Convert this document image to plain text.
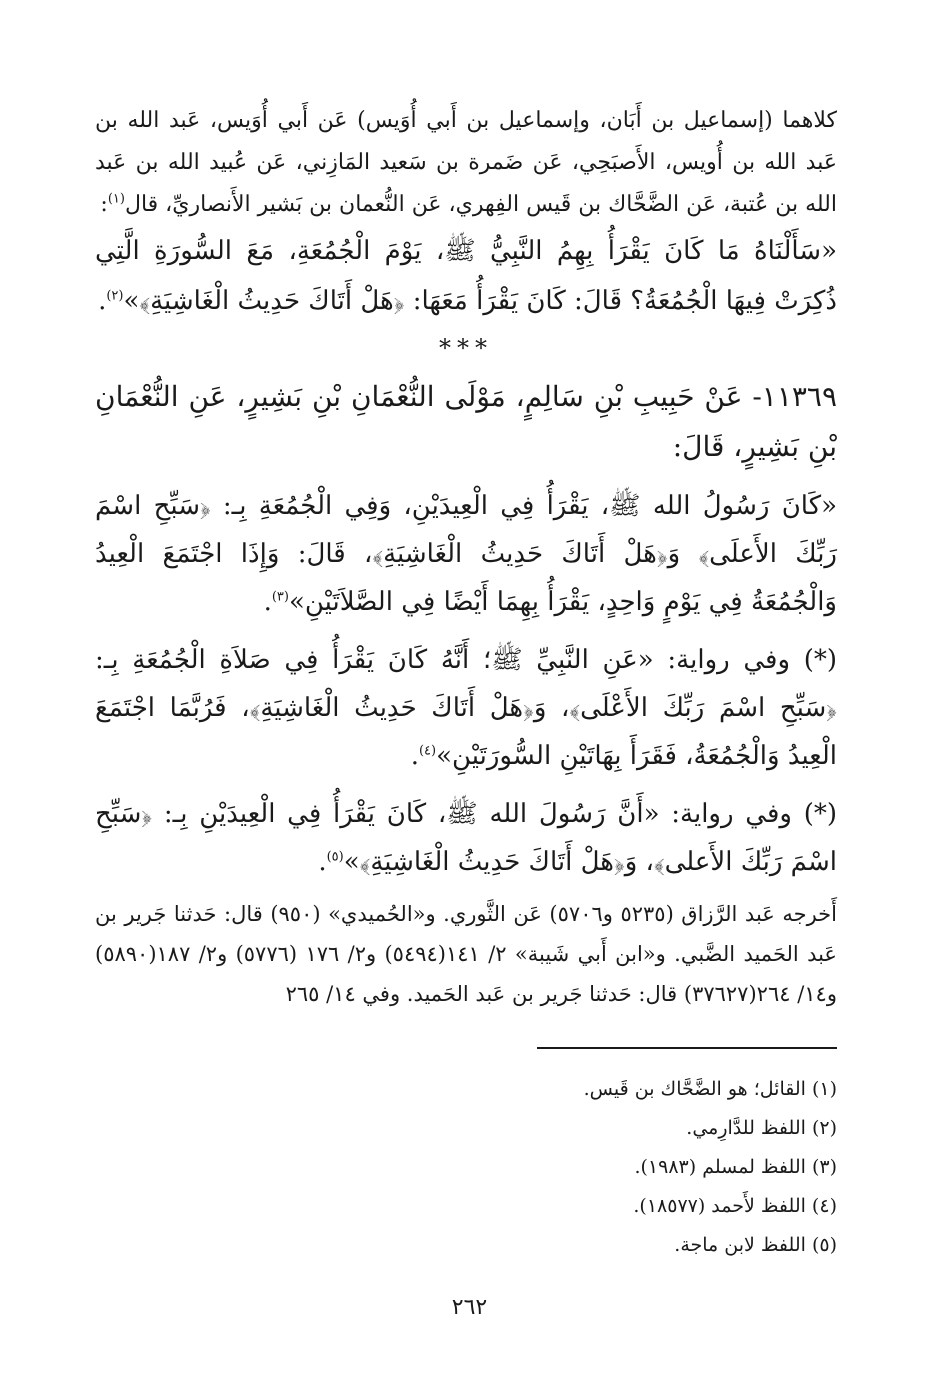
كلاهما (إسماعيل بن أَبَان، وإسماعيل بن أَبي أُوَيس) عَن أَبي أُوَيس، عَبد الله بن عَبد الله بن أُويس، الأَصبَحِي، عَن ضَمرة بن سَعيد المَازِني، عَن عُبيد الله بن عَبد الله بن عُتبة، عَن الضَّحَّاك بن قَيس الفِهري، عَن النُّعمان بن بَشير الأَنصاريِّ، قال$^{(١)}$:

«سَأَلْنَاهُ مَا كَانَ يَقْرَأُ بِهِمُ النَّبِيُّ ﷺ، يَوْمَ الْجُمُعَةِ، مَعَ السُّورَةِ الَّتِي ذُكِرَتْ فِيهَا الْجُمُعَةُ؟ قَالَ: كَانَ يَقْرَأُ مَعَهَا: ﴿هَلْ أَتَاكَ حَدِيثُ الْغَاشِيَةِ﴾»$^{(٢)}$.

***

١١٣٦٩- عَنْ حَبِيبِ بْنِ سَالِمٍ، مَوْلَى النُّعْمَانِ بْنِ بَشِيرٍ، عَنِ النُّعْمَانِ بْنِ بَشِيرٍ، قَالَ:

«كَانَ رَسُولُ الله ﷺ، يَقْرَأُ فِي الْعِيدَيْنِ، وَفِي الْجُمُعَةِ بِـ: ﴿سَبِّحِ اسْمَ رَبِّكَ الأَعلَى﴾ وَ﴿هَلْ أَتَاكَ حَدِيثُ الْغَاشِيَةِ﴾، قَالَ: وَإِذَا اجْتَمَعَ الْعِيدُ وَالْجُمُعَةُ فِي يَوْمٍ وَاحِدٍ، يَقْرَأُ بِهِمَا أَيْضًا فِي الصَّلاَتَيْنِ»$^{(٣)}$.

(*) وفي رواية: «عَنِ النَّبِيِّ ﷺ؛ أَنَّهُ كَانَ يَقْرَأُ فِي صَلاَةِ الْجُمُعَةِ بِـ: ﴿سَبِّحِ اسْمَ رَبِّكَ الأَعْلَى﴾، وَ﴿هَلْ أَتَاكَ حَدِيثُ الْغَاشِيَةِ﴾، فَرُبَّمَا اجْتَمَعَ الْعِيدُ وَالْجُمُعَةُ، فَقَرَأَ بِهَاتَيْنِ السُّورَتَيْنِ»$^{(٤)}$.

(*) وفي رواية: «أَنَّ رَسُولَ الله ﷺ، كَانَ يَقْرَأُ فِي الْعِيدَيْنِ بِـ: ﴿سَبِّحِ اسْمَ رَبِّكَ الأَعلى﴾، وَ﴿هَلْ أَتَاكَ حَدِيثُ الْغَاشِيَةِ﴾»$^{(٥)}$.

أَخرجه عَبد الرَّزاق (٥٢٣٥ و٥٧٠٦) عَن الثَّوري. و«الحُميدي» (٩٥٠) قال: حَدثنا جَرير بن عَبد الحَميد الضَّبي. و«ابن أَبي شَيبة» ٢/ ١٤١(٥٤٩٤) و٢/ ١٧٦ (٥٧٧٦) و٢/ ١٨٧(٥٨٩٠) و١٤/ ٢٦٤(٣٧٦٢٧) قال: حَدثنا جَرير بن عَبد الحَميد. وفي ١٤/ ٢٦٥

(١) القائل؛ هو الضَّحَّاك بن قَيس.

(٢) اللفظ للدَّارِمي.

(٣) اللفظ لمسلم (١٩٨٣).

(٤) اللفظ لأَحمد (١٨٥٧٧).

(٥) اللفظ لابن ماجة.

٢٦٢
